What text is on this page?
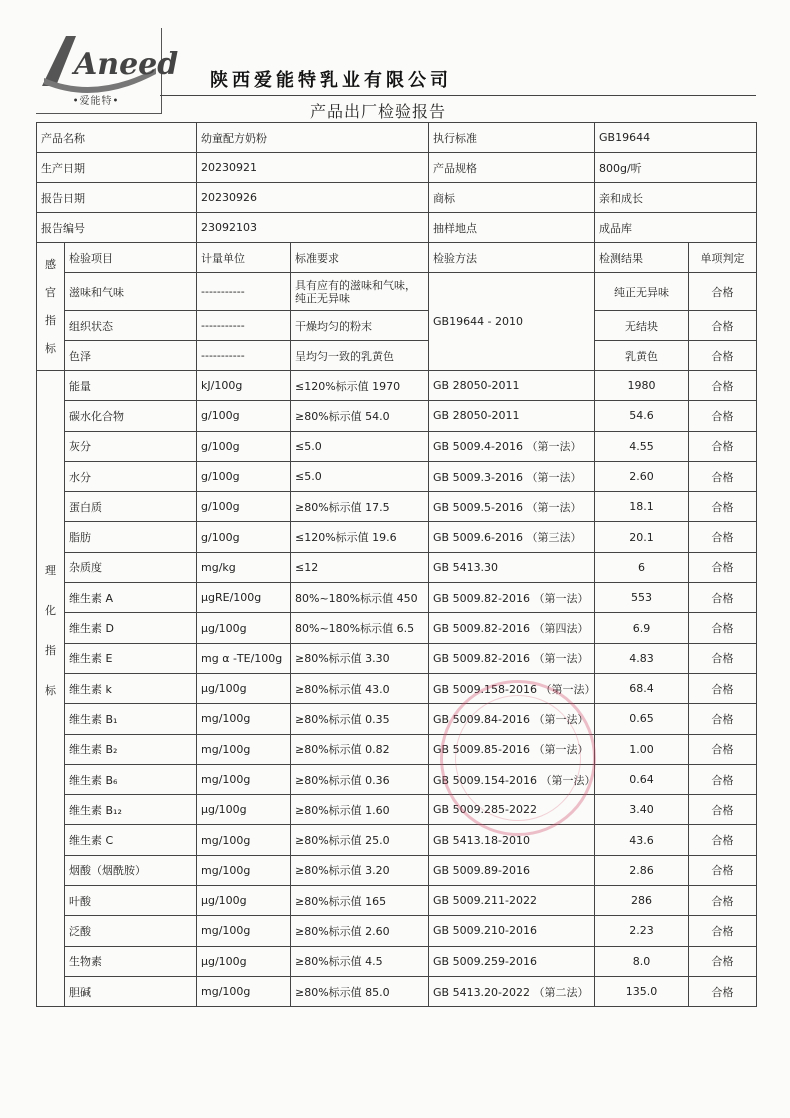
Aneed
•爱能特•
陕西爱能特乳业有限公司
产品出厂检验报告
产品名称		幼童配方奶粉		执行标准	GB19644	
生产日期		20230921		产品规格	800g/听	
报告日期		20230926		商标	亲和成长	
报告编号		23092103		抽样地点	成品库	
感
官
指
标	检验项目	计量单位	标准要求	检验方法	检测结果	单项判定
	滋味和气味	-----------	具有应有的滋味和气味，纯正无异味	GB19644 - 2010	纯正无异味	合格
	组织状态	-----------	干燥均匀的粉末		无结块	合格
	色泽	-----------	呈均匀一致的乳黄色		乳黄色	合格
理
化
指
标	能量	kJ/100g	≤120%标示值 1970	GB 28050-2011	1980	合格
	碳水化合物	g/100g	≥80%标示值 54.0	GB 28050-2011	54.6	合格
	灰分	g/100g	≤5.0	GB 5009.4-2016 （第一法）	4.55	合格
	水分	g/100g	≤5.0	GB 5009.3-2016 （第一法）	2.60	合格
	蛋白质	g/100g	≥80%标示值 17.5	GB 5009.5-2016 （第一法）	18.1	合格
	脂肪	g/100g	≤120%标示值 19.6	GB 5009.6-2016 （第三法）	20.1	合格
	杂质度	mg/kg	≤12	GB 5413.30	6	合格
	维生素 A	μgRE/100g	80%~180%标示值 450	GB 5009.82-2016 （第一法）	553	合格
	维生素 D	μg/100g	80%~180%标示值 6.5	GB 5009.82-2016 （第四法）	6.9	合格
	维生素 E	mg α -TE/100g	≥80%标示值 3.30	GB 5009.82-2016 （第一法）	4.83	合格
	维生素 k	μg/100g	≥80%标示值 43.0	GB 5009.158-2016 （第一法）	68.4	合格
	维生素 B₁	mg/100g	≥80%标示值 0.35	GB 5009.84-2016 （第一法）	0.65	合格
	维生素 B₂	mg/100g	≥80%标示值 0.82	GB 5009.85-2016 （第一法）	1.00	合格
	维生素 B₆	mg/100g	≥80%标示值 0.36	GB 5009.154-2016 （第一法）	0.64	合格
	维生素 B₁₂	μg/100g	≥80%标示值 1.60	GB 5009.285-2022	3.40	合格
	维生素 C	mg/100g	≥80%标示值 25.0	GB 5413.18-2010	43.6	合格
	烟酸（烟酰胺）	mg/100g	≥80%标示值 3.20	GB 5009.89-2016	2.86	合格
	叶酸	μg/100g	≥80%标示值 165	GB 5009.211-2022	286	合格
	泛酸	mg/100g	≥80%标示值 2.60	GB 5009.210-2016	2.23	合格
	生物素	μg/100g	≥80%标示值 4.5	GB 5009.259-2016	8.0	合格
	胆碱	mg/100g	≥80%标示值 85.0	GB 5413.20-2022 （第二法）	135.0	合格
